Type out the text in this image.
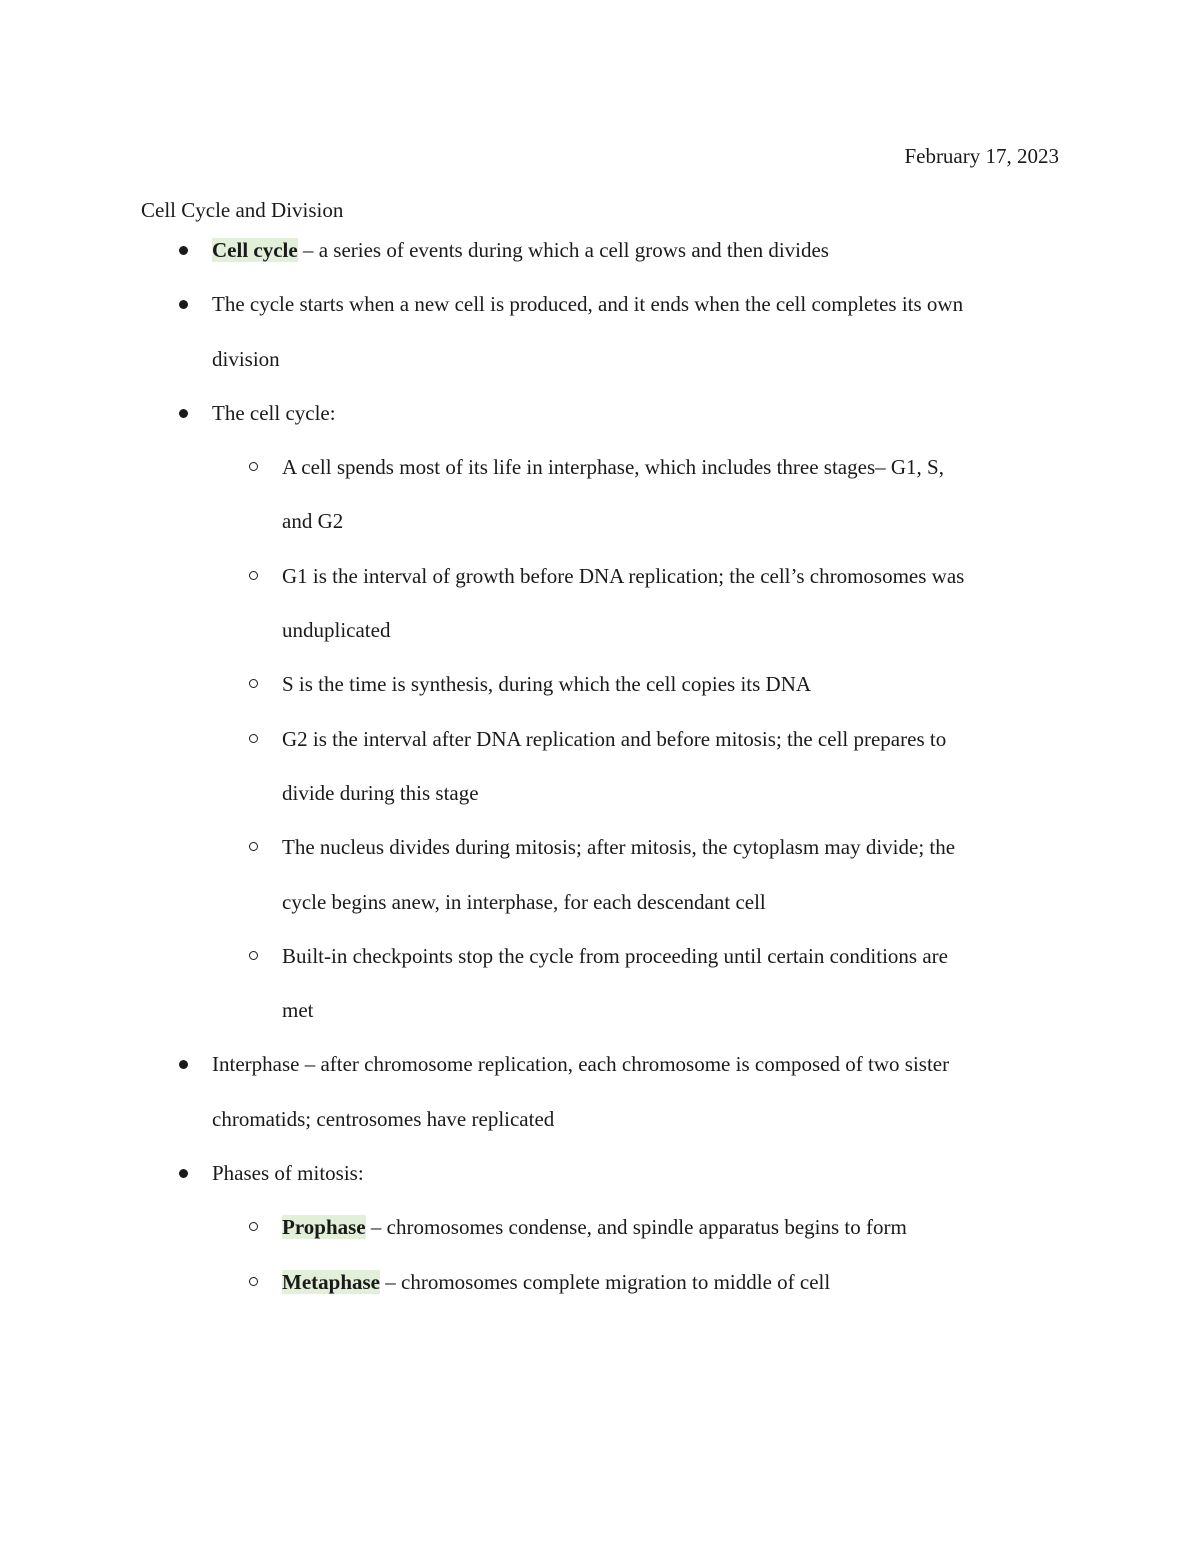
February 17, 2023
Cell Cycle and Division
Cell cycle – a series of events during which a cell grows and then divides
The cycle starts when a new cell is produced, and it ends when the cell completes its own
division
The cell cycle:
A cell spends most of its life in interphase, which includes three stages– G1, S,
and G2
G1 is the interval of growth before DNA replication; the cell’s chromosomes was
unduplicated
S is the time is synthesis, during which the cell copies its DNA
G2 is the interval after DNA replication and before mitosis; the cell prepares to
divide during this stage
The nucleus divides during mitosis; after mitosis, the cytoplasm may divide; the
cycle begins anew, in interphase, for each descendant cell
Built-in checkpoints stop the cycle from proceeding until certain conditions are
met
Interphase – after chromosome replication, each chromosome is composed of two sister
chromatids; centrosomes have replicated
Phases of mitosis:
Prophase – chromosomes condense, and spindle apparatus begins to form
Metaphase – chromosomes complete migration to middle of cell
